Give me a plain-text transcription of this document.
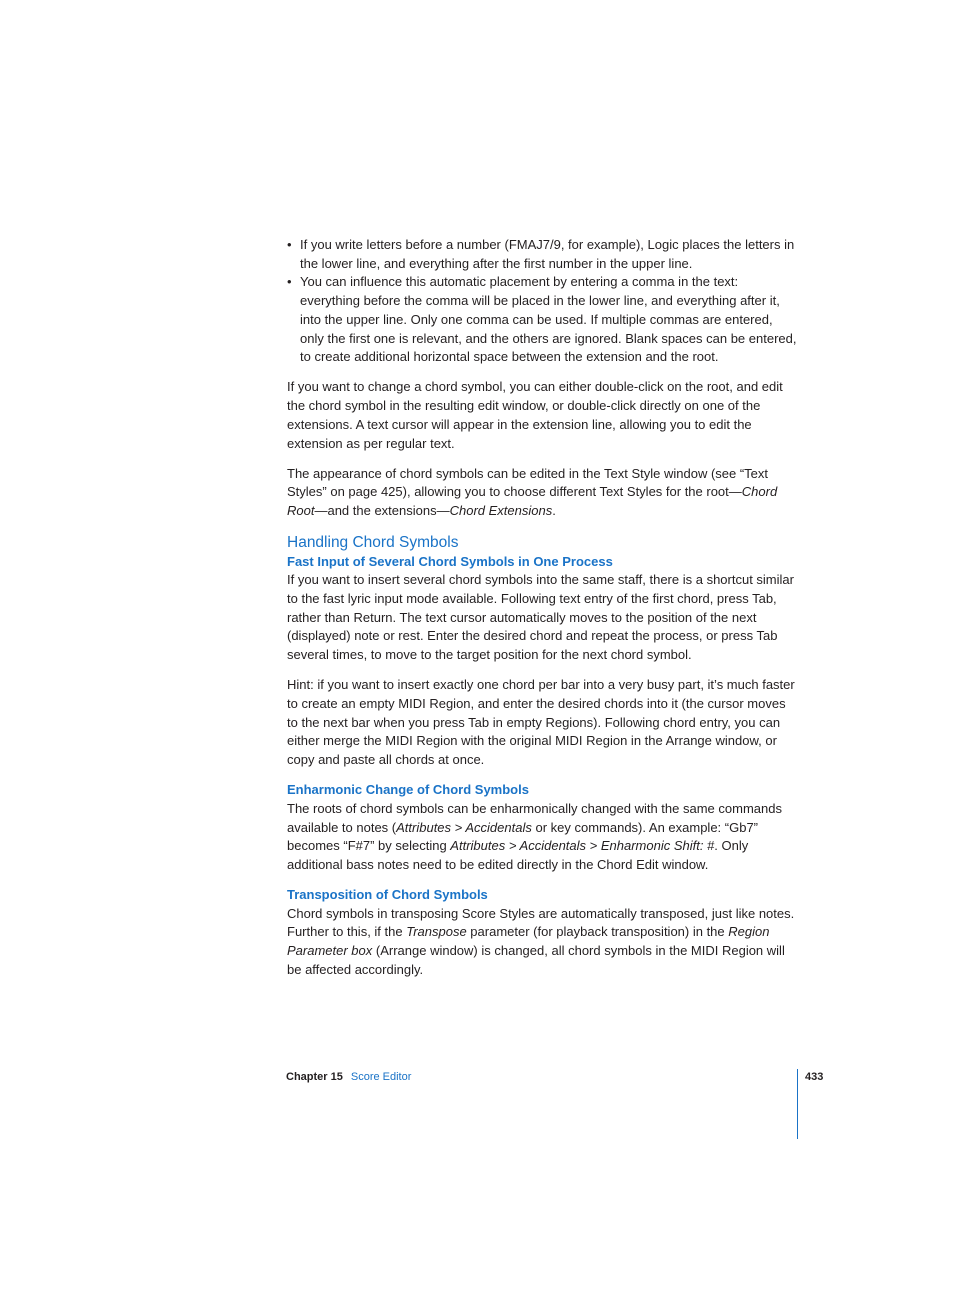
• If you write letters before a number (FMAJ7/9, for example), Logic places the letters in the lower line, and everything after the first number in the upper line.
• You can influence this automatic placement by entering a comma in the text: everything before the comma will be placed in the lower line, and everything after it, into the upper line. Only one comma can be used. If multiple commas are entered, only the first one is relevant, and the others are ignored. Blank spaces can be entered, to create additional horizontal space between the extension and the root.

If you want to change a chord symbol, you can either double-click on the root, and edit the chord symbol in the resulting edit window, or double-click directly on one of the extensions. A text cursor will appear in the extension line, allowing you to edit the extension as per regular text.

The appearance of chord symbols can be edited in the Text Style window (see “Text Styles” on page 425), allowing you to choose different Text Styles for the root—Chord Root—and the extensions—Chord Extensions.

Handling Chord Symbols
Fast Input of Several Chord Symbols in One Process

If you want to insert several chord symbols into the same staff, there is a shortcut similar to the fast lyric input mode available. Following text entry of the first chord, press Tab, rather than Return. The text cursor automatically moves to the position of the next (displayed) note or rest. Enter the desired chord and repeat the process, or press Tab several times, to move to the target position for the next chord symbol.

Hint: if you want to insert exactly one chord per bar into a very busy part, it’s much faster to create an empty MIDI Region, and enter the desired chords into it (the cursor moves to the next bar when you press Tab in empty Regions). Following chord entry, you can either merge the MIDI Region with the original MIDI Region in the Arrange window, or copy and paste all chords at once.

Enharmonic Change of Chord Symbols

The roots of chord symbols can be enharmonically changed with the same commands available to notes (Attributes > Accidentals or key commands). An example: “Gb7” becomes “F#7” by selecting Attributes > Accidentals > Enharmonic Shift: #. Only additional bass notes need to be edited directly in the Chord Edit window.

Transposition of Chord Symbols

Chord symbols in transposing Score Styles are automatically transposed, just like notes. Further to this, if the Transpose parameter (for playback transposition) in the Region Parameter box (Arrange window) is changed, all chord symbols in the MIDI Region will be affected accordingly.

Chapter 15 Score Editor	433
